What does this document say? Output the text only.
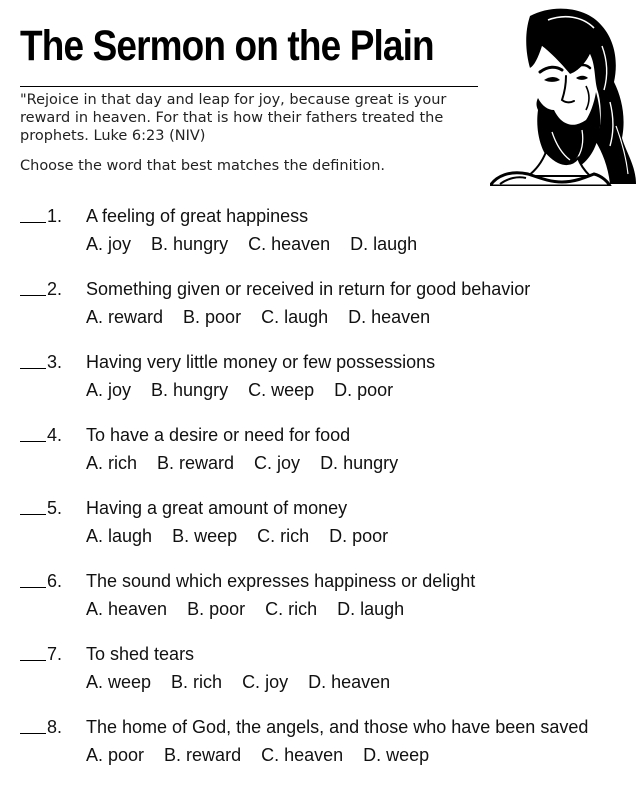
The Sermon on the Plain

"Rejoice in that day and leap for joy, because great is your reward in heaven. For that is how their fathers treated the prophets. Luke 6:23 (NIV)

Choose the word that best matches the definition.

1. A feeling of great happiness
A. joy B. hungry C. heaven D. laugh
2. Something given or received in return for good behavior
A. reward B. poor C. laugh D. heaven
3. Having very little money or few possessions
A. joy B. hungry C. weep D. poor
4. To have a desire or need for food
A. rich B. reward C. joy D. hungry
5. Having a great amount of money
A. laugh B. weep C. rich D. poor
6. The sound which expresses happiness or delight
A. heaven B. poor C. rich D. laugh
7. To shed tears
A. weep B. rich C. joy D. heaven
8. The home of God, the angels, and those who have been saved
A. poor B. reward C. heaven D. weep
